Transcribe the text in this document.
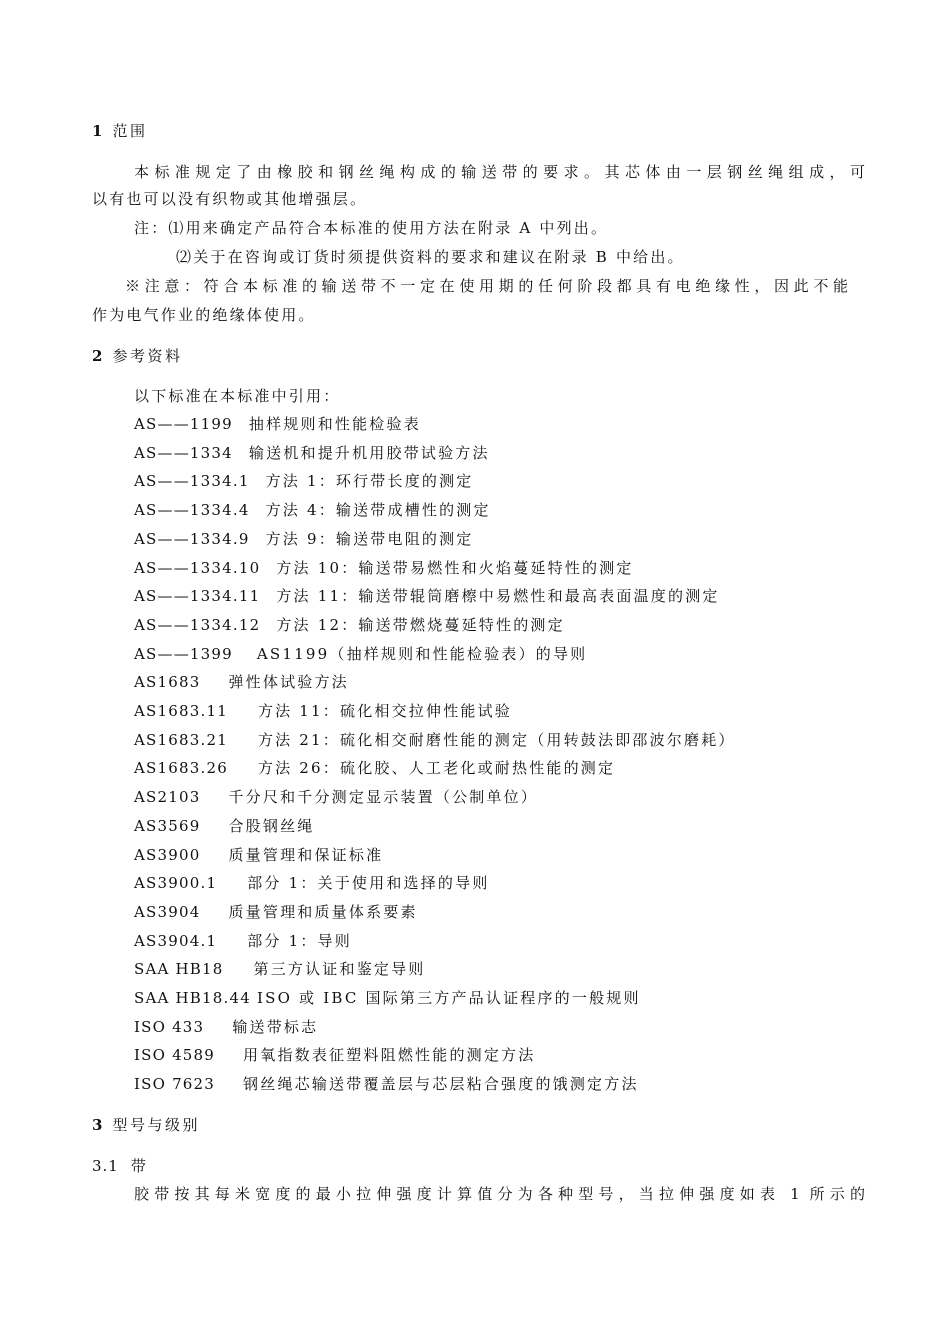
1 范围
本标准规定了由橡胶和钢丝绳构成的输送带的要求。其芯体由一层钢丝绳组成，可
以有也可以没有织物或其他增强层。
注：⑴用来确定产品符合本标准的使用方法在附录 A 中列出。
⑵关于在咨询或订货时须提供资料的要求和建议在附录 B 中给出。
※注意：符合本标准的输送带不一定在使用期的任何阶段都具有电绝缘性，因此不能
作为电气作业的绝缘体使用。
2 参考资料
以下标准在本标准中引用：
AS——1199 抽样规则和性能检验表
AS——1334 输送机和提升机用胶带试验方法
AS——1334.1 方法 1：环行带长度的测定
AS——1334.4 方法 4：输送带成槽性的测定
AS——1334.9 方法 9：输送带电阻的测定
AS——1334.10 方法 10：输送带易燃性和火焰蔓延特性的测定
AS——1334.11 方法 11：输送带辊筒磨檫中易燃性和最高表面温度的测定
AS——1334.12 方法 12：输送带燃烧蔓延特性的测定
AS——1399 AS1199（抽样规则和性能检验表）的导则
AS1683 弹性体试验方法
AS1683.11 方法 11：硫化相交拉伸性能试验
AS1683.21 方法 21：硫化相交耐磨性能的测定（用转鼓法即邵波尔磨耗）
AS1683.26 方法 26：硫化胶、人工老化或耐热性能的测定
AS2103 千分尺和千分测定显示装置（公制单位）
AS3569 合股钢丝绳
AS3900 质量管理和保证标准
AS3900.1 部分 1：关于使用和选择的导则
AS3904 质量管理和质量体系要素
AS3904.1 部分 1：导则
SAA HB18 第三方认证和鉴定导则
SAA HB18.44 ISO 或 IBC 国际第三方产品认证程序的一般规则
ISO 433 输送带标志
ISO 4589 用氧指数表征塑料阻燃性能的测定方法
ISO 7623 钢丝绳芯输送带覆盖层与芯层粘合强度的饿测定方法
3 型号与级别
3.1 带
胶带按其每米宽度的最小拉伸强度计算值分为各种型号，当拉伸强度如表 1 所示的
